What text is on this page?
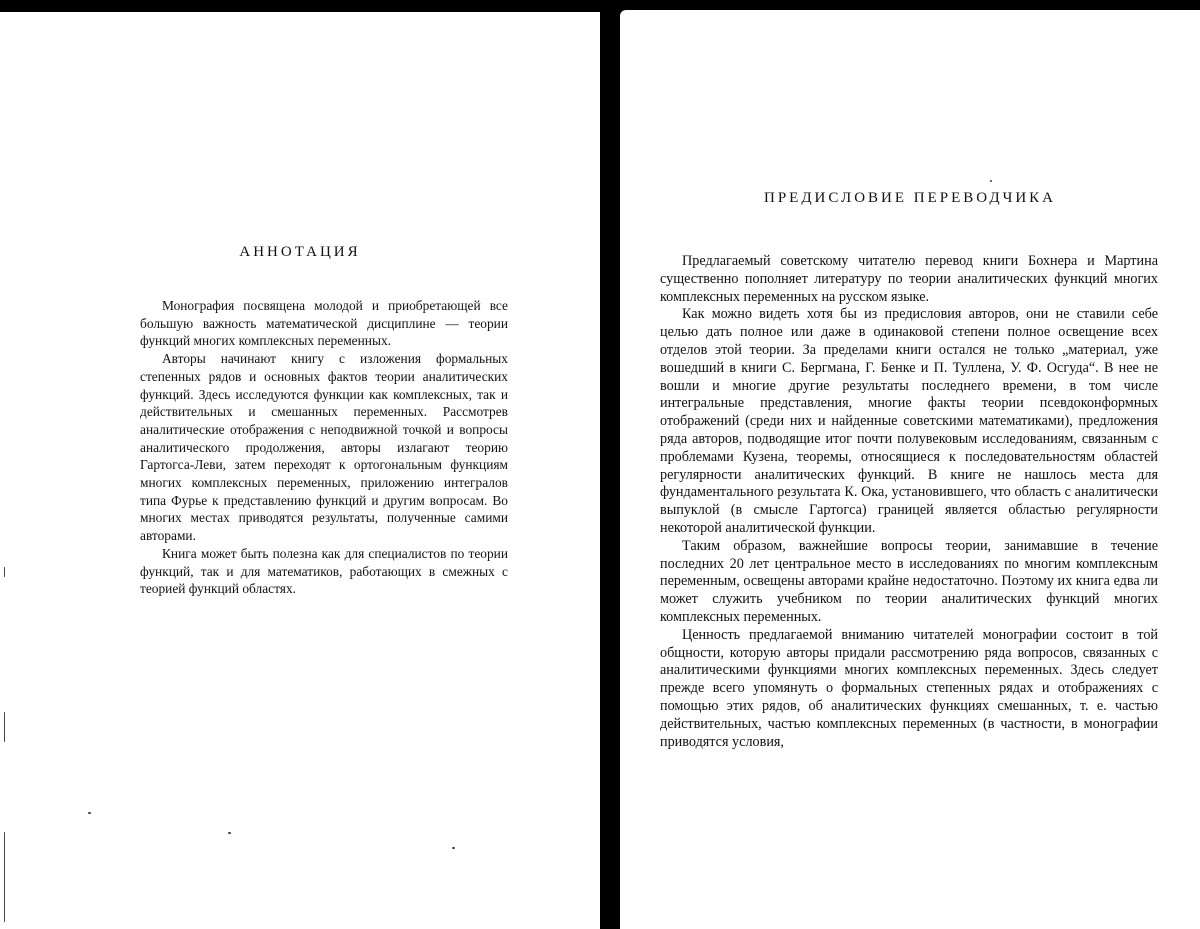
АННОТАЦИЯ

Монография посвящена молодой и приобретающей все большую важность математической дисциплине — теории функций многих комплексных переменных.

Авторы начинают книгу с изложения формальных степенных рядов и основных фактов теории аналитических функций. Здесь исследуются функции как комплексных, так и действительных и смешанных переменных. Рассмотрев аналитические отображения с неподвижной точкой и вопросы аналитического продолжения, авторы излагают теорию Гартогса-Леви, затем переходят к ортогональным функциям многих комплексных переменных, приложению интегралов типа Фурье к представлению функций и другим вопросам. Во многих местах приводятся результаты, полученные самими авторами.

Книга может быть полезна как для специалистов по теории функций, так и для математиков, работающих в смежных с теорией функций областях.

ПРЕДИСЛОВИЕ ПЕРЕВОДЧИКА

Предлагаемый советскому читателю перевод книги Бохнера и Мартина существенно пополняет литературу по теории аналитических функций многих комплексных переменных на русском языке.

Как можно видеть хотя бы из предисловия авторов, они не ставили себе целью дать полное или даже в одинаковой степени полное освещение всех отделов этой теории. За пределами книги остался не только „материал, уже вошедший в книги С. Бергмана, Г. Бенке и П. Туллена, У. Ф. Осгуда“. В нее не вошли и многие другие результаты последнего времени, в том числе интегральные представления, многие факты теории псевдоконформных отображений (среди них и найденные советскими математиками), предложения ряда авторов, подводящие итог почти полувековым исследованиям, связанным с проблемами Кузена, теоремы, относящиеся к последовательностям областей регулярности аналитических функций. В книге не нашлось места для фундаментального результата К. Ока, установившего, что область с аналитически выпуклой (в смысле Гартогса) границей является областью регулярности некоторой аналитической функции.

Таким образом, важнейшие вопросы теории, занимавшие в течение последних 20 лет центральное место в исследованиях по многим комплексным переменным, освещены авторами крайне недостаточно. Поэтому их книга едва ли может служить учебником по теории аналитических функций многих комплексных переменных.

Ценность предлагаемой вниманию читателей монографии состоит в той общности, которую авторы придали рассмотрению ряда вопросов, связанных с аналитическими функциями многих комплексных переменных. Здесь следует прежде всего упомянуть о формальных степенных рядах и отображениях с помощью этих рядов, об аналитических функциях смешанных, т. е. частью действительных, частью комплексных переменных (в частности, в монографии приводятся условия,
